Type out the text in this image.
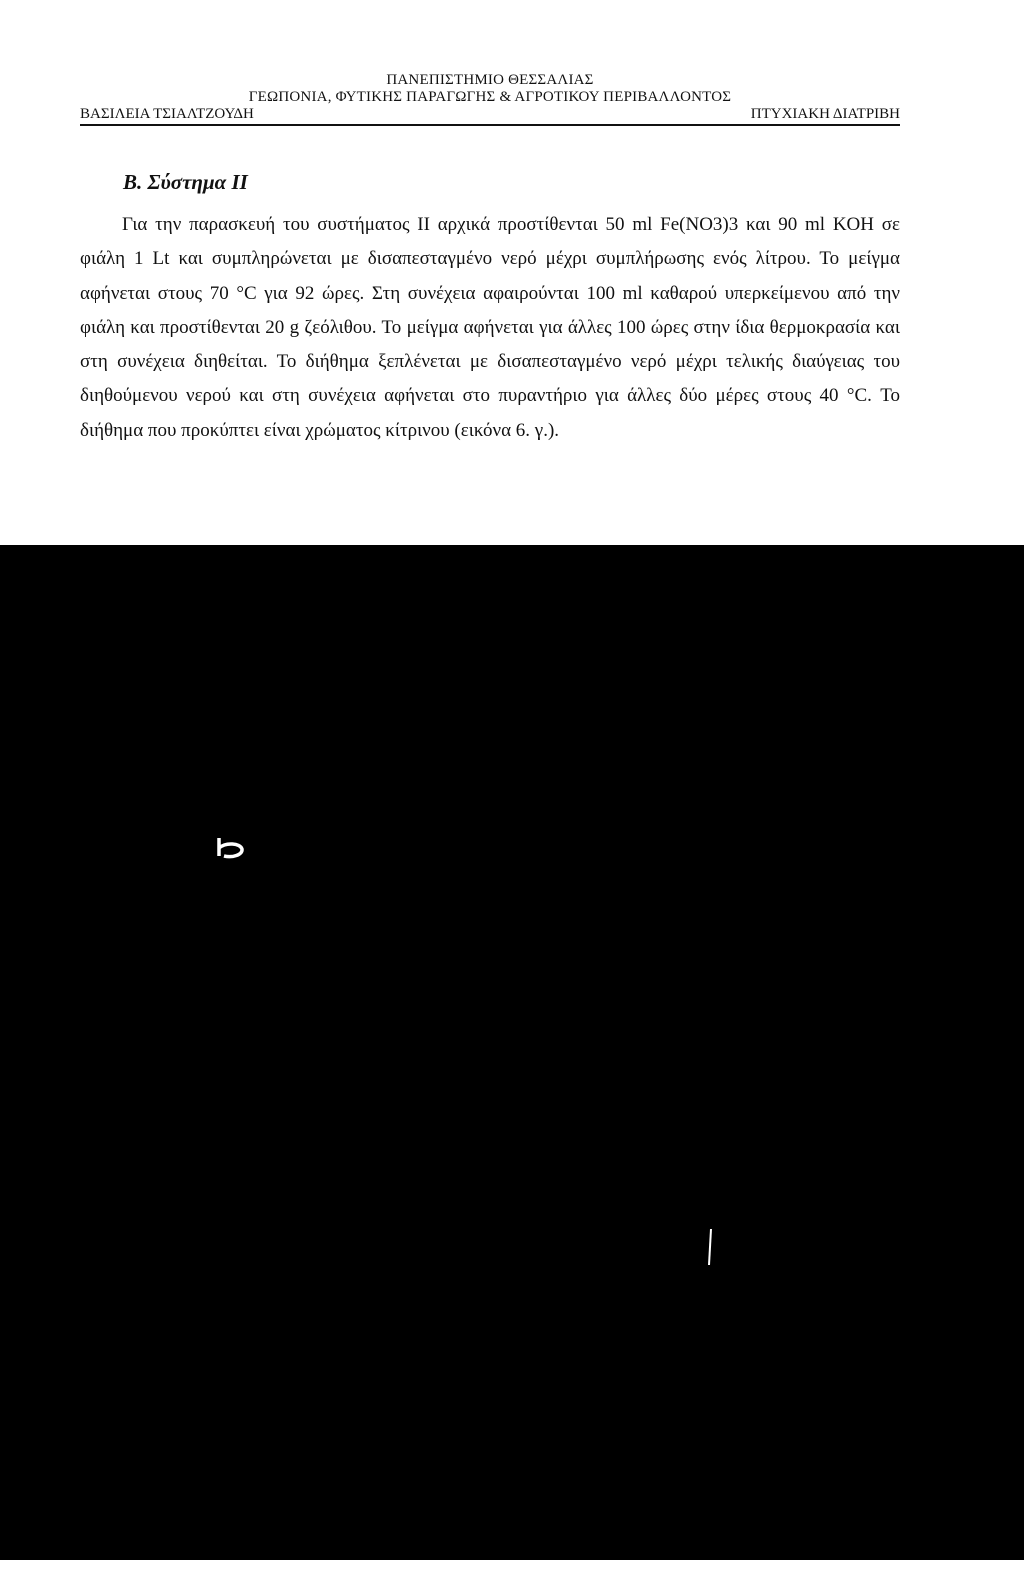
ΠΑΝΕΠΙΣΤΗΜΙΟ ΘΕΣΣΑΛΙΑΣ
ΓΕΩΠΟΝΙΑ, ΦΥΤΙΚΗΣ ΠΑΡΑΓΩΓΗΣ & ΑΓΡΟΤΙΚΟΥ ΠΕΡΙΒΑΛΛΟΝΤΟΣ
ΒΑΣΙΛΕΙΑ ΤΣΙΑΛΤΖΟΥΔΗ	ΠΤΥΧΙΑΚΗ ΔΙΑΤΡΙΒΗ
Β. Σύστημα ΙΙ
Για την παρασκευή του συστήματος ΙΙ αρχικά προστίθενται 50 ml Fe(NO3)3 και 90 ml KOH σε φιάλη 1 Lt και συμπληρώνεται με δισαπεσταγμένο νερό μέχρι συμπλήρωσης ενός λίτρου. Το μείγμα αφήνεται στους 70 °C για 92 ώρες. Στη συνέχεια αφαιρούνται 100 ml καθαρού υπερκείμενου από την φιάλη και προστίθενται 20 g ζεόλιθου. Το μείγμα αφήνεται για άλλες 100 ώρες στην ίδια θερμοκρασία και στη συνέχεια διηθείται. Το διήθημα ξεπλένεται με δισαπεσταγμένο νερό μέχρι τελικής διαύγειας του διηθούμενου νερού και στη συνέχεια αφήνεται στο πυραντήριο για άλλες δύο μέρες στους 40 °C. Το διήθημα που προκύπτει είναι χρώματος κίτρινου (εικόνα 6. γ.).
Εικόνα 6. β. Σύστημα Ι.
Εικόνα 6. γ. Σύστημα ΙΙ.
- 75 -
